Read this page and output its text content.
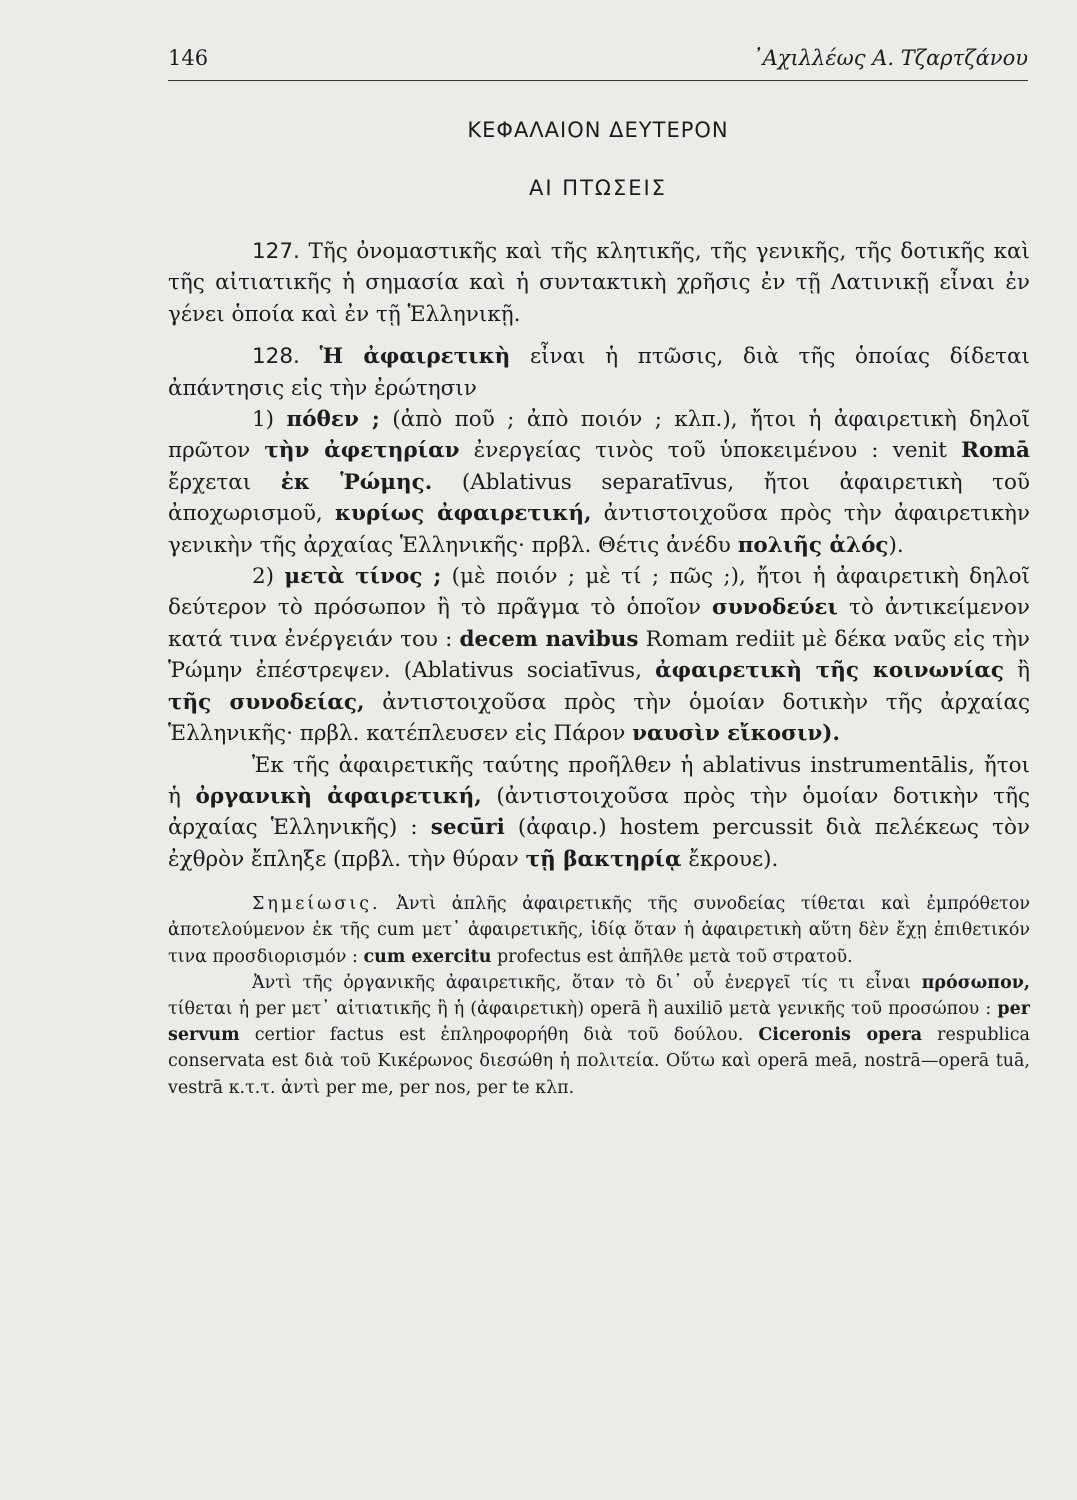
146	᾿Αχιλλέως Α. Τζαρτζάνου
ΚΕΦΑΛΑΙΟΝ ΔΕΥΤΕΡΟΝ
ΑΙ ΠΤΩΣΕΙΣ

127. Τῆς ὀνομαστικῆς καὶ τῆς κλητικῆς, τῆς γενικῆς, τῆς δοτικῆς καὶ τῆς αἰτιατικῆς ἡ σημασία καὶ ἡ συντακτικὴ χρῆσις ἐν τῇ Λατινικῇ εἶναι ἐν γένει ὁποία καὶ ἐν τῇ Ἑλληνικῇ.

128. Ἡ ἀφαιρετικὴ εἶναι ἡ πτῶσις, διὰ τῆς ὁποίας δίδεται ἀπάντησις εἰς τὴν ἐρώτησιν

1) πόθεν ; (ἀπὸ ποῦ ; ἀπὸ ποιόν ; κλπ.), ἤτοι ἡ ἀφαιρετικὴ δηλοῖ πρῶτον τὴν ἀφετηρίαν ἐνεργείας τινὸς τοῦ ὑποκειμένου : venit Romā ἔρχεται ἐκ Ῥώμης. (Ablativus separatīvus, ἤτοι ἀφαιρετικὴ τοῦ ἀποχωρισμοῦ, κυρίως ἀφαιρετική, ἀντιστοιχοῦσα πρὸς τὴν ἀφαιρετικὴν γενικὴν τῆς ἀρχαίας Ἑλληνικῆς· πρβλ. Θέτις ἀνέδυ πολιῆς ἁλός).

2) μετὰ τίνος ; (μὲ ποιόν ; μὲ τί ; πῶς ;), ἤτοι ἡ ἀφαιρετικὴ δηλοῖ δεύτερον τὸ πρόσωπον ἢ τὸ πρᾶγμα τὸ ὁποῖον συνοδεύει τὸ ἀντικείμενον κατά τινα ἐνέργειάν του : decem navibus Romam rediit μὲ δέκα ναῦς εἰς τὴν Ῥώμην ἐπέστρεψεν. (Ablativus sociatīvus, ἀφαιρετικὴ τῆς κοινωνίας ἢ τῆς συνοδείας, ἀντιστοιχοῦσα πρὸς τὴν ὁμοίαν δοτικὴν τῆς ἀρχαίας Ἑλληνικῆς· πρβλ. κατέπλευσεν εἰς Πάρον ναυσὶν εἴκοσιν).

Ἐκ τῆς ἀφαιρετικῆς ταύτης προῆλθεν ἡ ablativus instrumentālis, ἤτοι ἡ ὀργανικὴ ἀφαιρετική, (ἀντιστοιχοῦσα πρὸς τὴν ὁμοίαν δοτικὴν τῆς ἀρχαίας Ἑλληνικῆς) : secūri (ἀφαιρ.) hostem percussit διὰ πελέκεως τὸν ἐχθρὸν ἔπληξε (πρβλ. τὴν θύραν τῇ βακτηρίᾳ ἔκρουε).

Σημείωσις. Ἀντὶ ἁπλῆς ἀφαιρετικῆς τῆς συνοδείας τίθεται καὶ ἐμπρόθετον ἀποτελούμενον ἐκ τῆς cum μετ᾽ ἀφαιρετικῆς, ἰδίᾳ ὅταν ἡ ἀφαιρετικὴ αὕτη δὲν ἔχῃ ἐπιθετικόν τινα προσδιορισμόν : cum exercitu profectus est ἀπῆλθε μετὰ τοῦ στρατοῦ.

Ἀντὶ τῆς ὀργανικῆς ἀφαιρετικῆς, ὅταν τὸ δι᾽ οὗ ἐνεργεῖ τίς τι εἶναι πρόσωπον, τίθεται ἡ per μετ᾽ αἰτιατικῆς ἢ ἡ (ἀφαιρετικὴ) operā ἢ auxiliō μετὰ γενικῆς τοῦ προσώπου : per servum certior factus est ἐπληροφορήθη διὰ τοῦ δούλου. Ciceronis opera respublica conservata est διὰ τοῦ Κικέρωνος διεσώθη ἡ πολιτεία. Οὕτω καὶ operā meā, nostrā—operā tuā, vestrā κ.τ.τ. ἀντὶ per me, per nos, per te κλπ.
